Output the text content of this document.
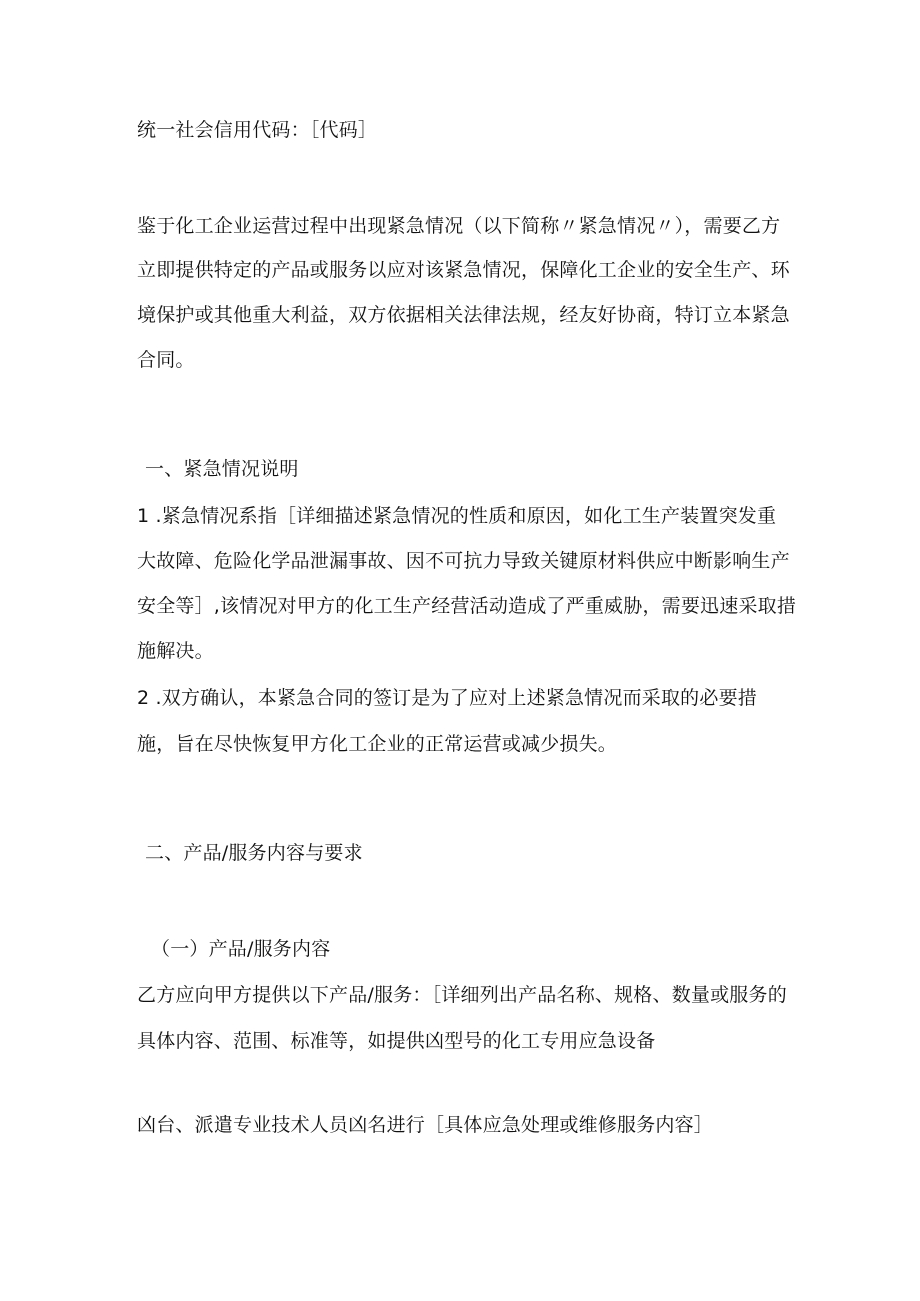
统一社会信用代码：［代码］
鉴于化工企业运营过程中出现紧急情况（以下简称〃紧急情况〃），需要乙方
立即提供特定的产品或服务以应对该紧急情况，保障化工企业的安全生产、环
境保护或其他重大利益，双方依据相关法律法规，经友好协商，特订立本紧急
合同。
一、紧急情况说明
1 .紧急情况系指［详细描述紧急情况的性质和原因，如化工生产装置突发重
大故障、危险化学品泄漏事故、因不可抗力导致关键原材料供应中断影响生产
安全等］,该情况对甲方的化工生产经营活动造成了严重威胁，需要迅速采取措
施解决。
2 .双方确认，本紧急合同的签订是为了应对上述紧急情况而采取的必要措
施，旨在尽快恢复甲方化工企业的正常运营或减少损失。
二、产品/服务内容与要求
（一）产品/服务内容
乙方应向甲方提供以下产品/服务：［详细列出产品名称、规格、数量或服务的
具体内容、范围、标准等，如提供凶型号的化工专用应急设备
凶台、派遣专业技术人员凶名进行［具体应急处理或维修服务内容］
